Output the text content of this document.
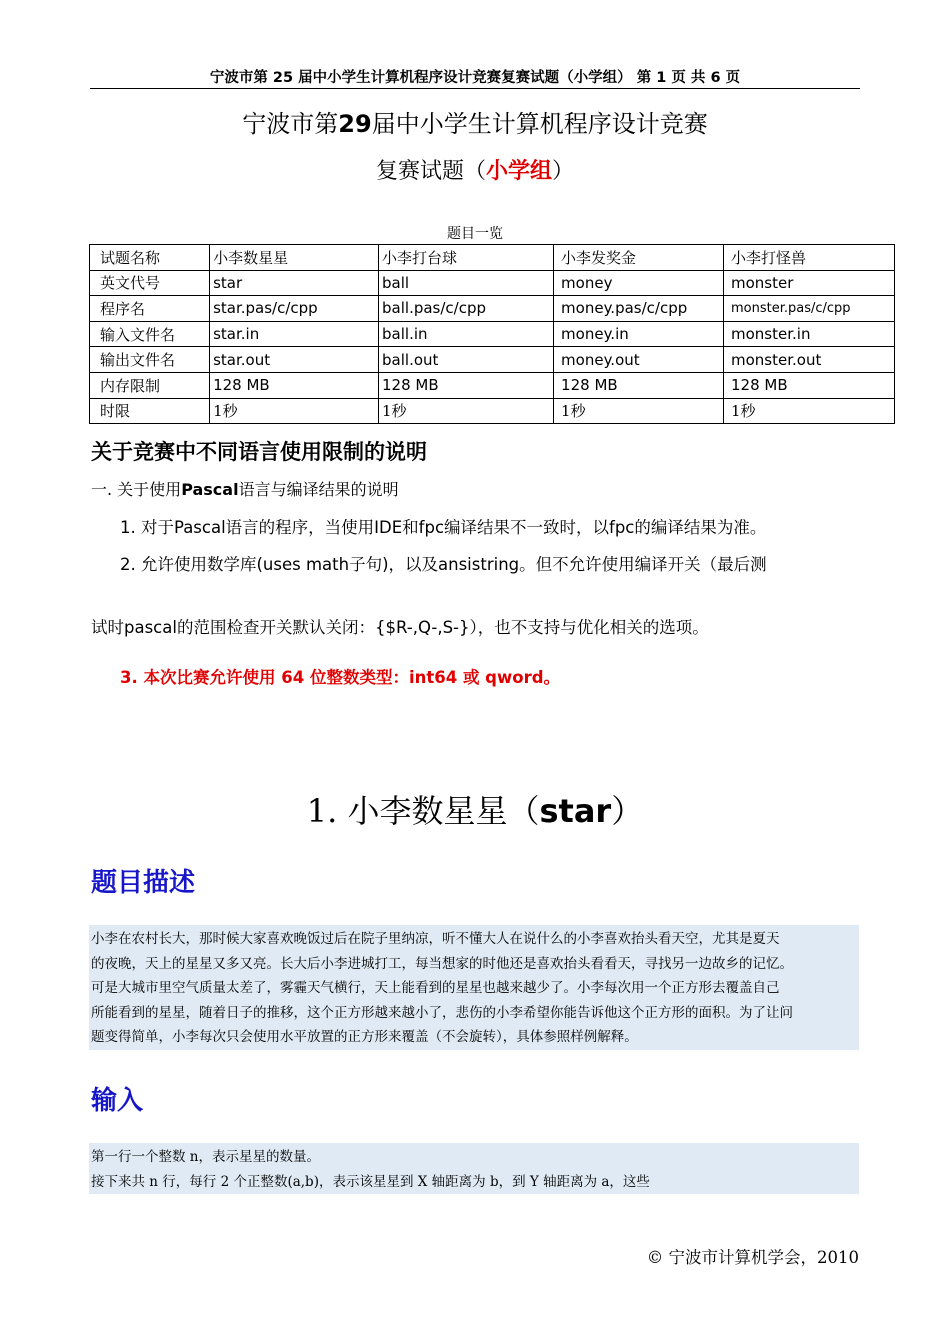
宁波市第 25 届中小学生计算机程序设计竞赛复赛试题（小学组） 第 1 页 共 6 页
宁波市第29届中小学生计算机程序设计竞赛
复赛试题（小学组）
题目一览
试题名称	小李数星星	小李打台球	小李发奖金	小李打怪兽
英文代号	star	ball	money	monster
程序名	star.pas/c/cpp	ball.pas/c/cpp	money.pas/c/cpp	monster.pas/c/cpp
输入文件名	star.in	ball.in	money.in	monster.in
输出文件名	star.out	ball.out	money.out	monster.out
内存限制	128 MB	128 MB	128 MB	128 MB
时限	1秒	1秒	1秒	1秒
关于竞赛中不同语言使用限制的说明
一. 关于使用Pascal语言与编译结果的说明
1. 对于Pascal语言的程序，当使用IDE和fpc编译结果不一致时，以fpc的编译结果为准。
2. 允许使用数学库(uses math子句)，以及ansistring。但不允许使用编译开关（最后测
试时pascal的范围检查开关默认关闭：{$R-,Q-,S-}），也不支持与优化相关的选项。
3. 本次比赛允许使用 64 位整数类型：int64 或 qword。
1. 小李数星星（star）
题目描述
小李在农村长大，那时候大家喜欢晚饭过后在院子里纳凉，听不懂大人在说什么的小李喜欢抬头看天空，尤其是夏天
的夜晚，天上的星星又多又亮。长大后小李进城打工，每当想家的时他还是喜欢抬头看看天，寻找另一边故乡的记忆。
可是大城市里空气质量太差了，雾霾天气横行，天上能看到的星星也越来越少了。小李每次用一个正方形去覆盖自己
所能看到的星星，随着日子的推移，这个正方形越来越小了，悲伤的小李希望你能告诉他这个正方形的面积。为了让问
题变得简单，小李每次只会使用水平放置的正方形来覆盖（不会旋转），具体参照样例解释。
输入
第一行一个整数 n，表示星星的数量。
接下来共 n 行，每行 2 个正整数(a,b)，表示该星星到 X 轴距离为 b，到 Y 轴距离为 a，这些
© 宁波市计算机学会，2010
